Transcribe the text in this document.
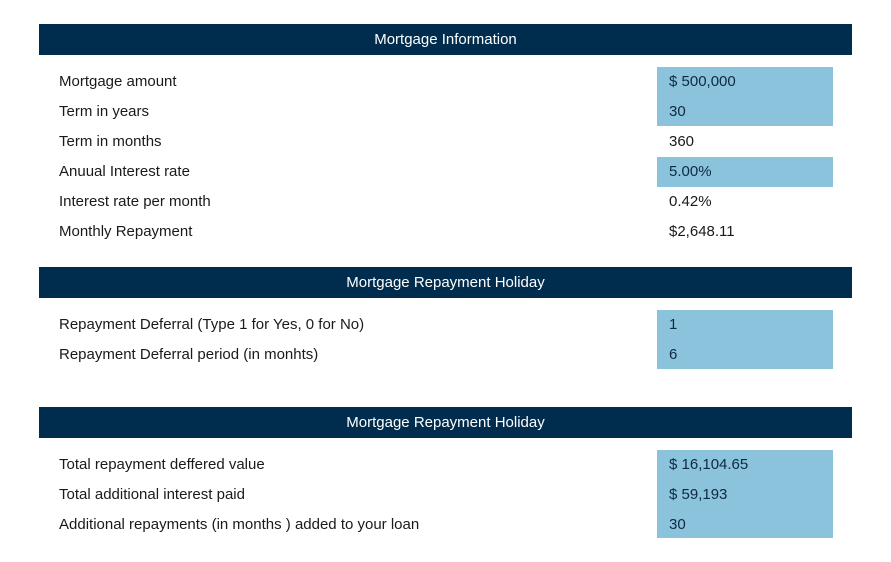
Mortgage Information
Mortgage amount	$ 500,000
Term in years	30
Term in months	360
Anuual Interest rate	5.00%
Interest rate per month	0.42%
Monthly Repayment	$2,648.11
Mortgage Repayment Holiday
Repayment Deferral (Type 1 for Yes, 0 for No)	1
Repayment Deferral period (in monhts)	6
Mortgage Repayment Holiday
Total repayment deffered value	$ 16,104.65
Total additional interest paid	$ 59,193
Additional repayments (in months ) added to your loan	30
